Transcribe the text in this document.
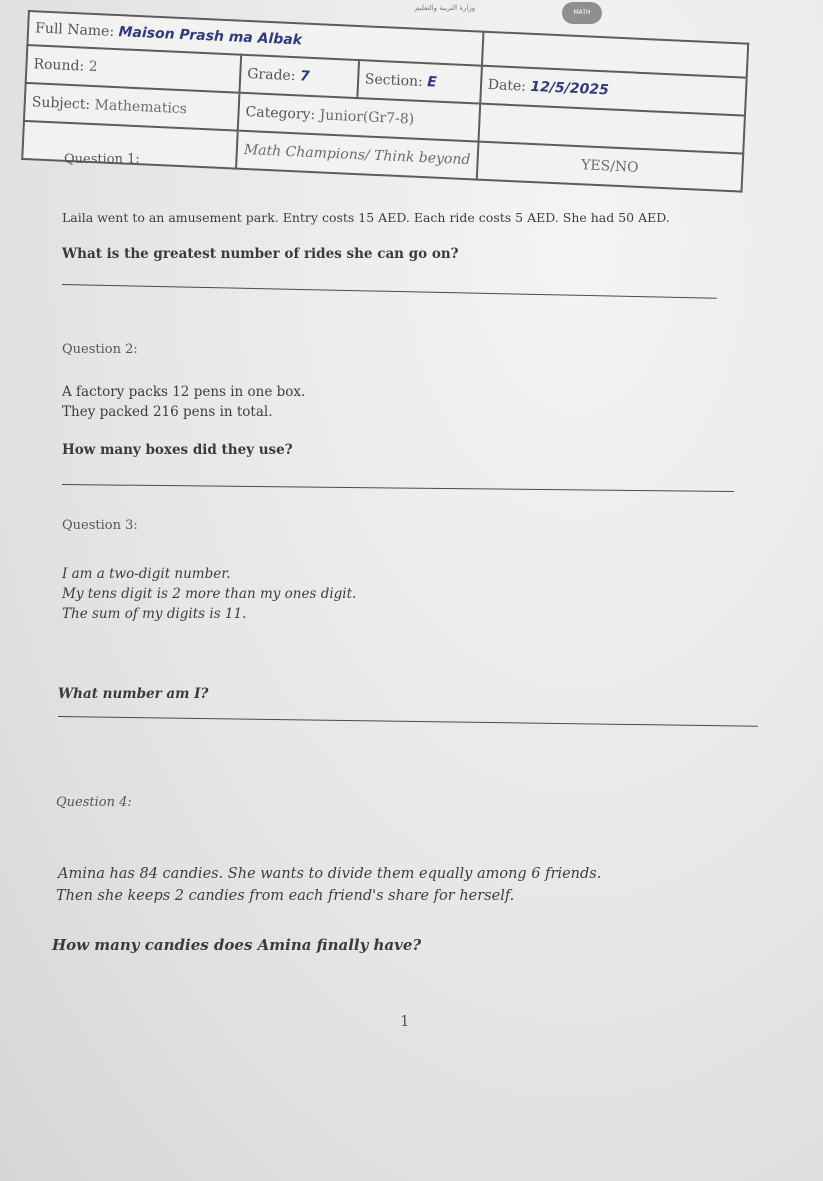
وزارة التربية والتعليم
MATH
Full Name: Maison Prash ma Albak			
Round: 2	Grade: 7	Section: E	Date: 12/5/2025
Subject: Mathematics	Category: Junior(Gr7-8)		
	Math Champions/ Think beyond		YES/NO
Question 1:
Laila went to an amusement park. Entry costs 15 AED. Each ride costs 5 AED. She had 50 AED.
What is the greatest number of rides she can go on?
Question 2:
A factory packs 12 pens in one box.
They packed 216 pens in total.
How many boxes did they use?
Question 3:
I am a two-digit number.
My tens digit is 2 more than my ones digit.
The sum of my digits is 11.
What number am I?
Question 4:
Amina has 84 candies. She wants to divide them equally among 6 friends.
Then she keeps 2 candies from each friend's share for herself.
How many candies does Amina finally have?
1
